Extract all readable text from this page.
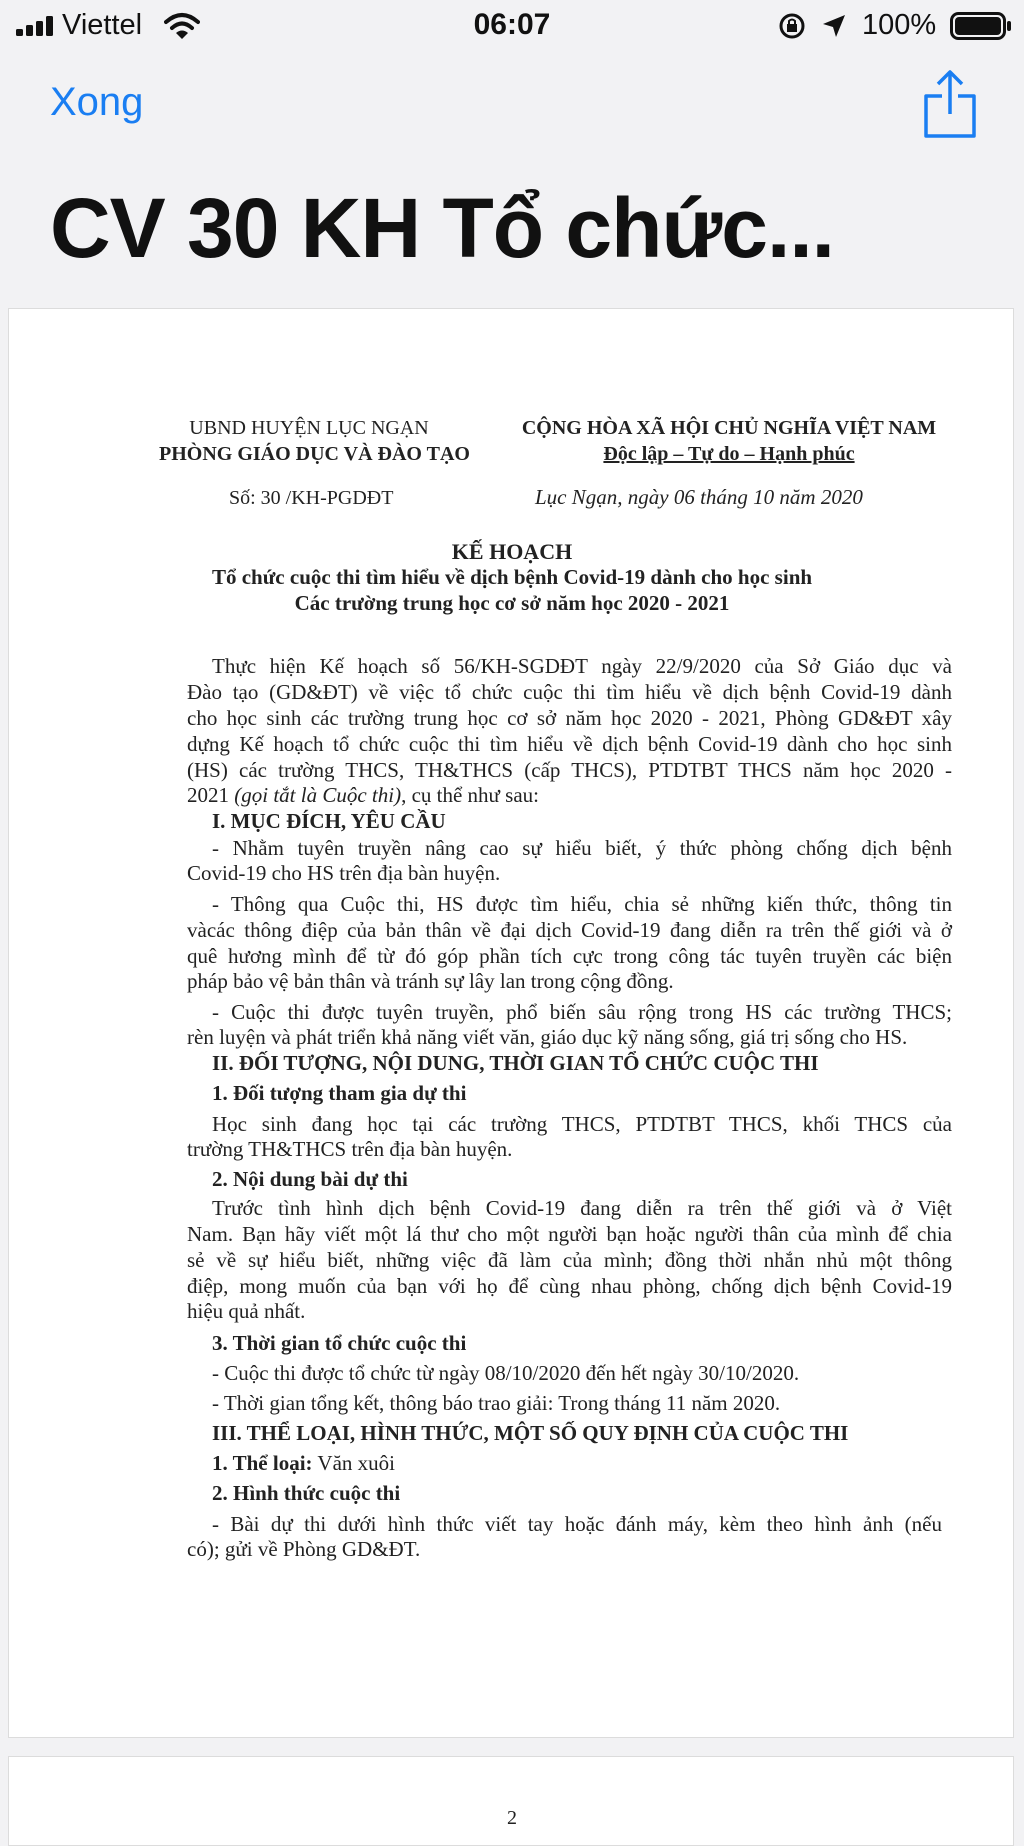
Viettel	06:07	100%
Xong
CV 30 KH Tổ chức...
UBND HUYỆN LỤC NGẠN
PHÒNG GIÁO DỤC VÀ ĐÀO TẠO
CỘNG HÒA XÃ HỘI CHỦ NGHĨA VIỆT NAM
Độc lập – Tự do – Hạnh phúc
Số: 30 /KH-PGDĐT	Lục Ngạn, ngày 06 tháng 10 năm 2020
KẾ HOẠCH
Tổ chức cuộc thi tìm hiểu về dịch bệnh Covid-19 dành cho học sinh
Các trường trung học cơ sở năm học 2020 - 2021
Thực hiện Kế hoạch số 56/KH-SGDĐT ngày 22/9/2020 của Sở Giáo dục và
Đào tạo (GD&ĐT) về việc tổ chức cuộc thi tìm hiểu về dịch bệnh Covid-19 dành
cho học sinh các trường trung học cơ sở năm học 2020 - 2021, Phòng GD&ĐT xây
dựng Kế hoạch tổ chức cuộc thi tìm hiểu về dịch bệnh Covid-19 dành cho học sinh
(HS) các trường THCS, TH&THCS (cấp THCS), PTDTBT THCS năm học 2020 -
2021 (gọi tắt là Cuộc thi), cụ thể như sau:
I. MỤC ĐÍCH, YÊU CẦU
- Nhằm tuyên truyền nâng cao sự hiểu biết, ý thức phòng chống dịch bệnh
Covid-19 cho HS trên địa bàn huyện.
- Thông qua Cuộc thi, HS được tìm hiểu, chia sẻ những kiến thức, thông tin
vàcác thông điệp của bản thân về đại dịch Covid-19 đang diễn ra trên thế giới và ở
quê hương mình để từ đó góp phần tích cực trong công tác tuyên truyền các biện
pháp bảo vệ bản thân và tránh sự lây lan trong cộng đồng.
- Cuộc thi được tuyên truyền, phổ biến sâu rộng trong HS các trường THCS;
rèn luyện và phát triển khả năng viết văn, giáo dục kỹ năng sống, giá trị sống cho HS.
II. ĐỐI TƯỢNG, NỘI DUNG, THỜI GIAN TỔ CHỨC CUỘC THI
1. Đối tượng tham gia dự thi
Học sinh đang học tại các trường THCS, PTDTBT THCS, khối THCS của
trường TH&THCS trên địa bàn huyện.
2. Nội dung bài dự thi
Trước tình hình dịch bệnh Covid-19 đang diễn ra trên thế giới và ở Việt
Nam. Bạn hãy viết một lá thư cho một người bạn hoặc người thân của mình để chia
sẻ về sự hiểu biết, những việc đã làm của mình; đồng thời nhắn nhủ một thông
điệp, mong muốn của bạn với họ để cùng nhau phòng, chống dịch bệnh Covid-19
hiệu quả nhất.
3. Thời gian tổ chức cuộc thi
- Cuộc thi được tổ chức từ ngày 08/10/2020 đến hết ngày 30/10/2020.
- Thời gian tổng kết, thông báo trao giải: Trong tháng 11 năm 2020.
III. THỂ LOẠI, HÌNH THỨC, MỘT SỐ QUY ĐỊNH CỦA CUỘC THI
1. Thể loại: Văn xuôi
2. Hình thức cuộc thi
- Bài dự thi dưới hình thức viết tay hoặc đánh máy, kèm theo hình ảnh (nếu
có); gửi về Phòng GD&ĐT.
2
